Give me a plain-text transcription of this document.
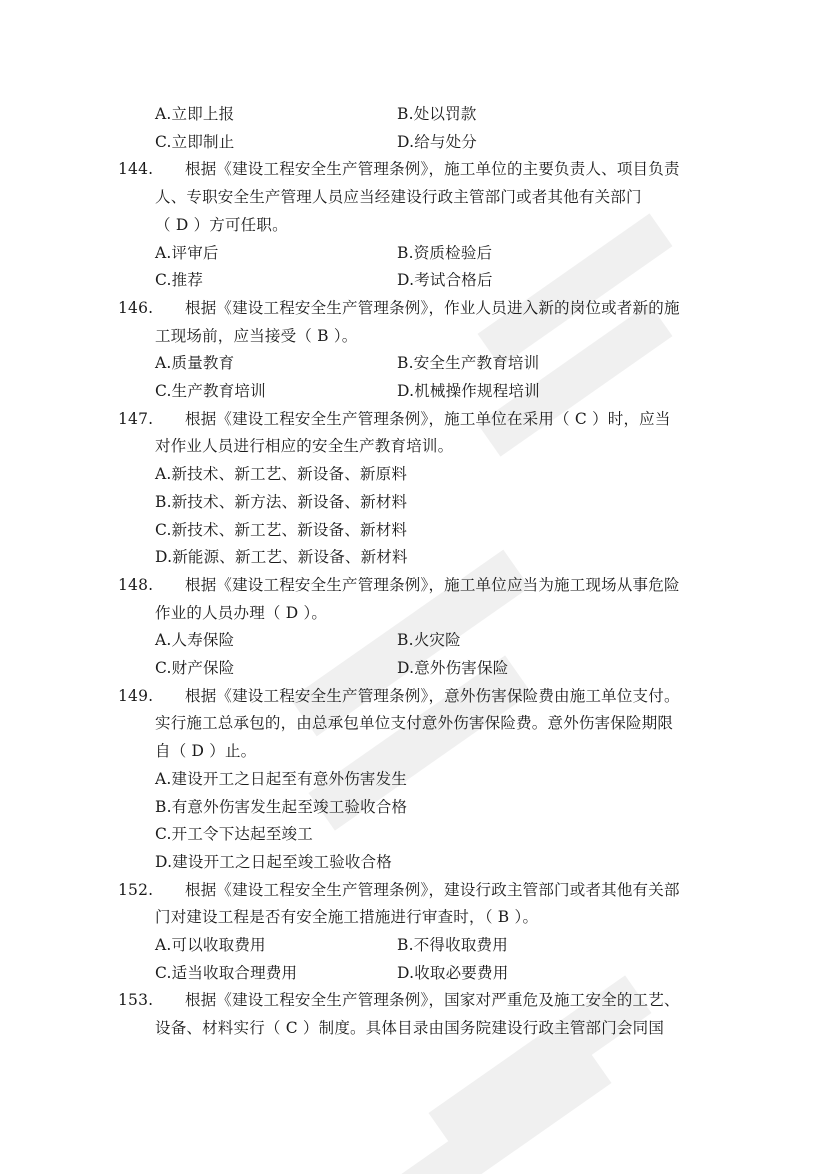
A.立即上报	B.处以罚款
C.立即制止	D.给与处分
144. 根据《建设工程安全生产管理条例》，施工单位的主要负责人、项目负责
人、专职安全生产管理人员应当经建设行政主管部门或者其他有关部门
（ D ）方可任职。
A.评审后	B.资质检验后
C.推荐	D.考试合格后
146. 根据《建设工程安全生产管理条例》，作业人员进入新的岗位或者新的施
工现场前，应当接受（ B ）。
A.质量教育	B.安全生产教育培训
C.生产教育培训	D.机械操作规程培训
147. 根据《建设工程安全生产管理条例》，施工单位在采用（ C ）时，应当
对作业人员进行相应的安全生产教育培训。
A.新技术、新工艺、新设备、新原料
B.新技术、新方法、新设备、新材料
C.新技术、新工艺、新设备、新材料
D.新能源、新工艺、新设备、新材料
148. 根据《建设工程安全生产管理条例》，施工单位应当为施工现场从事危险
作业的人员办理（ D ）。
A.人寿保险	B.火灾险
C.财产保险	D.意外伤害保险
149. 根据《建设工程安全生产管理条例》，意外伤害保险费由施工单位支付。
实行施工总承包的，由总承包单位支付意外伤害保险费。意外伤害保险期限
自（ D ）止。
A.建设开工之日起至有意外伤害发生
B.有意外伤害发生起至竣工验收合格
C.开工令下达起至竣工
D.建设开工之日起至竣工验收合格
152. 根据《建设工程安全生产管理条例》，建设行政主管部门或者其他有关部
门对建设工程是否有安全施工措施进行审查时，（ B ）。
A.可以收取费用	B.不得收取费用
C.适当收取合理费用	D.收取必要费用
153. 根据《建设工程安全生产管理条例》，国家对严重危及施工安全的工艺、
设备、材料实行（ C ）制度。具体目录由国务院建设行政主管部门会同国
